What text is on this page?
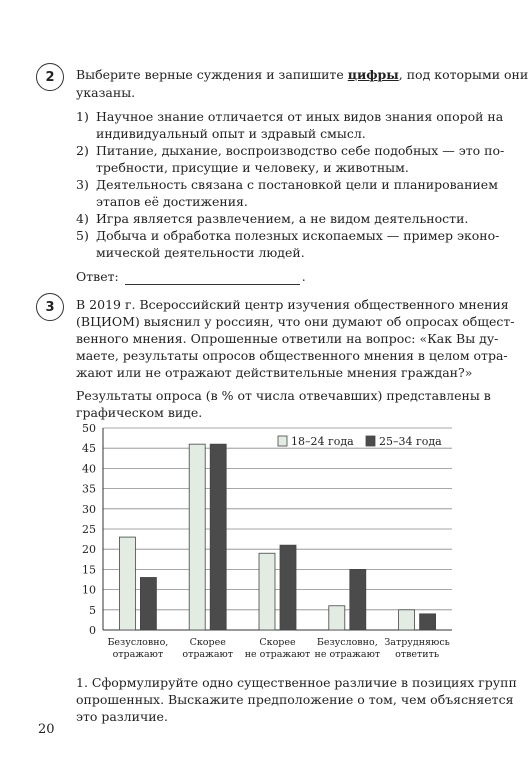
2 Выберите верные суждения и запишите цифры, под которыми они
указаны.
1) Научное знание отличается от иных видов знания опорой на
индивидуальный опыт и здравый смысл.
2) Питание, дыхание, воспроизводство себе подобных — это по-
требности, присущие и человеку, и животным.
3) Деятельность связана с постановкой цели и планированием
этапов её достижения.
4) Игра является развлечением, а не видом деятельности.
5) Добыча и обработка полезных ископаемых — пример эконо-
мической деятельности людей.
Ответ:	.
3 В 2019 г. Всероссийский центр изучения общественного мнения
(ВЦИОМ) выяснил у россиян, что они думают об опросах общест-
венного мнения. Опрошенные ответили на вопрос: «Как Вы ду-
маете, результаты опросов общественного мнения в целом отра-
жают или не отражают действительные мнения граждан?»
Результаты опроса (в % от числа отвечавших) представлены в
графическом виде.
0
5
10
15
20
25
30
35
40
45
50
Безусловно,
отражают
Скорее
отражают
Скорее
не отражают
Безусловно,
не отражают
Затрудняюсь
ответить
18–24 года 25–34 года
1. Сформулируйте одно существенное различие в позициях групп
опрошенных. Выскажите предположение о том, чем объясняется
это различие.
20
